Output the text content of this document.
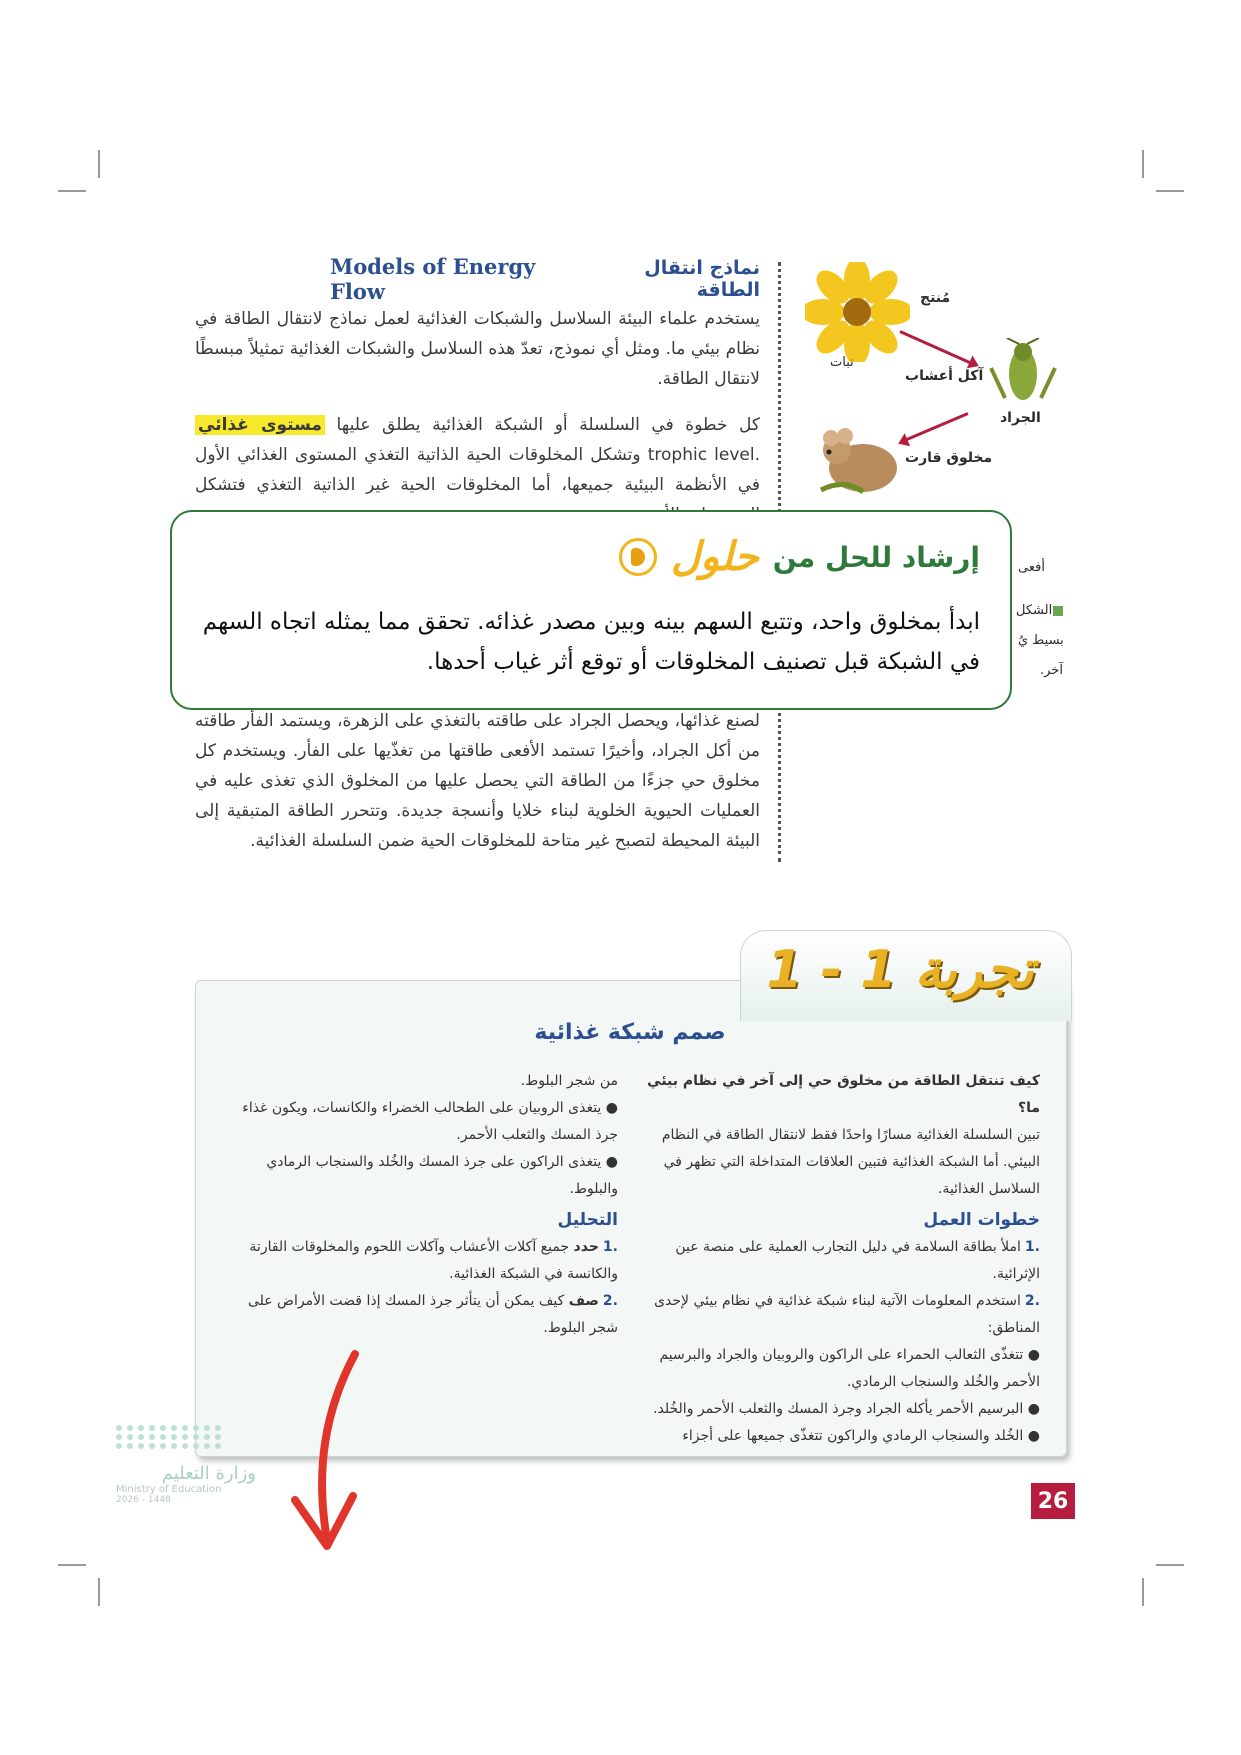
Models of Energy Flow
نماذج انتقال الطاقة
يستخدم علماء البيئة السلاسل والشبكات الغذائية لعمل نماذج لانتقال الطاقة في نظام بيئي ما. ومثل أي نموذج، تعدّ هذه السلاسل والشبكات الغذائية تمثيلاً مبسطًا لانتقال الطاقة.
كل خطوة في السلسلة أو الشبكة الغذائية يطلق عليها مستوى غذائي trophic level. وتشكل المخلوقات الحية الذاتية التغذي المستوى الغذائي الأول في الأنظمة البيئية جميعها، أما المخلوقات الحية غير الذاتية التغذي فتشكل
لصنع غذائها، ويحصل الجراد على طاقته بالتغذي على الزهرة، ويستمد الفأر طاقته من أكل الجراد، وأخيرًا تستمد الأفعى طاقتها من تغذّيها على الفأر. ويستخدم كل مخلوق حي جزءًا من الطاقة التي يحصل عليها من المخلوق الذي تغذى عليه في العمليات الحيوية الخلوية لبناء خلايا وأنسجة جديدة. وتتحرر الطاقة المتبقية إلى البيئة المحيطة لتصبح غير متاحة للمخلوقات الحية ضمن السلسلة الغذائية.
مُنتج
نبات
آكل أعشاب
الجراد
مخلوق قارت
أفعى
الشكل
بسيط يُ
آخر.
إرشاد للحل من
حلول
ابدأ بمخلوق واحد، وتتبع السهم بينه وبين مصدر غذائه. تحقق مما يمثله اتجاه السهم في الشبكة قبل تصنيف المخلوقات أو توقع أثر غياب أحدها.
تجربة 1 - 1
صمم شبكة غذائية
كيف تنتقل الطاقة من مخلوق حي إلى آخر في نظام بيئي ما؟
تبين السلسلة الغذائية مسارًا واحدًا فقط لانتقال الطاقة في النظام البيئي. أما الشبكة الغذائية فتبين العلاقات المتداخلة التي تظهر في السلاسل الغذائية.
خطوات العمل
.1املأ بطاقة السلامة في دليل التجارب العملية على منصة عين الإثرائية.
.2استخدم المعلومات الآتية لبناء شبكة غذائية في نظام بيئي لإحدى المناطق:
● تتغذّى الثعالب الحمراء على الراكون والروبيان والجراد والبرسيم الأحمر والخُلد والسنجاب الرمادي.
● البرسيم الأحمر يأكله الجراد وجرذ المسك والثعلب الأحمر والخُلد.
● الخُلد والسنجاب الرمادي والراكون تتغذّى جميعها على أجزاء
من شجر البلوط.
● يتغذى الروبيان على الطحالب الخضراء والكانسات، ويكون غذاء جرذ المسك والثعلب الأحمر.
● يتغذى الراكون على جرذ المسك والخُلد والسنجاب الرمادي والبلوط.
التحليل
.1حدد جميع آكلات الأعشاب وآكلات اللحوم والمخلوقات القارتة والكانسة في الشبكة الغذائية.
.2صف كيف يمكن أن يتأثر جرذ المسك إذا قضت الأمراض على شجر البلوط.
وزارة التعليم
Ministry of Education
2026 - 1448	26
